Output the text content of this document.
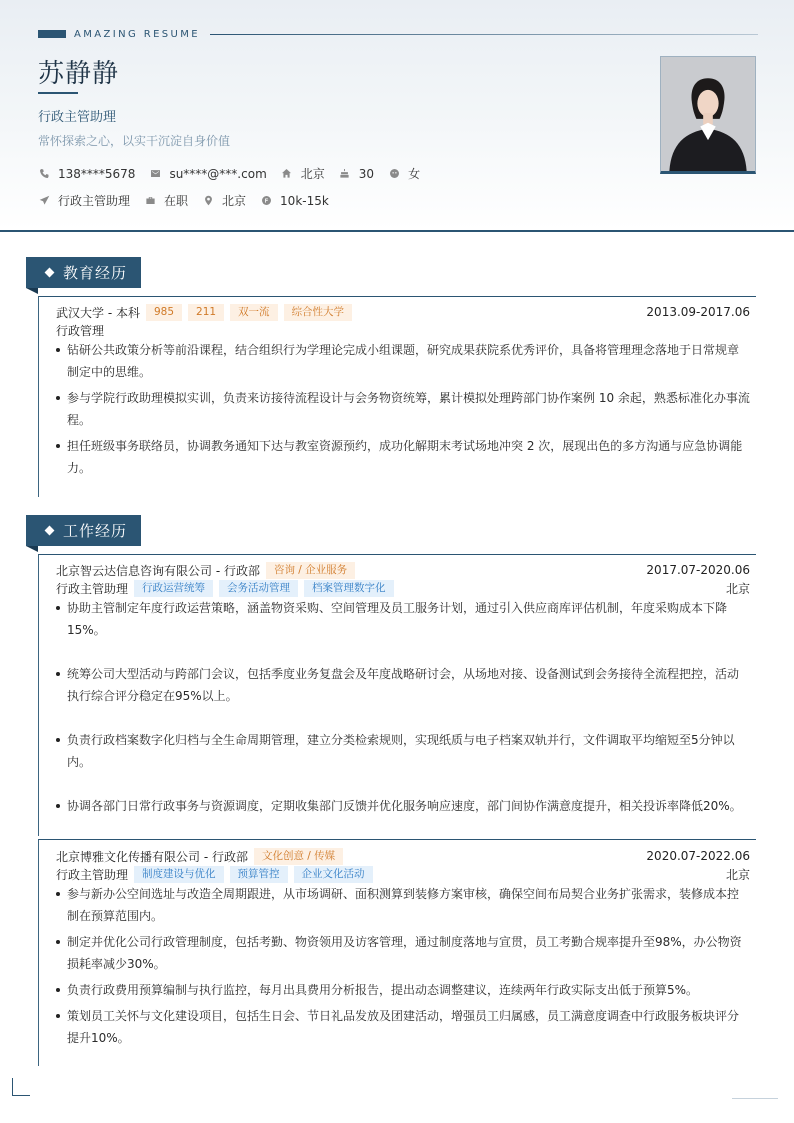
AMAZING RESUME
苏静静
行政主管助理
常怀探索之心，以实干沉淀自身价值
138****5678	su****@***.com	北京	30	女
行政主管助理	在职	北京	10k-15k
教育经历
武汉大学 - 本科	985	211	双一流	综合性大学	2013.09-2017.06
行政管理
钻研公共政策分析等前沿课程，结合组织行为学理论完成小组课题，研究成果获院系优秀评价，具备将管理理念落地于日常规章制定中的思维。
参与学院行政助理模拟实训，负责来访接待流程设计与会务物资统筹，累计模拟处理跨部门协作案例 10 余起，熟悉标准化办事流程。
担任班级事务联络员，协调教务通知下达与教室资源预约，成功化解期末考试场地冲突 2 次，展现出色的多方沟通与应急协调能力。
工作经历
北京智云达信息咨询有限公司 - 行政部	咨询 / 企业服务	2017.07-2020.06
行政主管助理	行政运营统筹	会务活动管理	档案管理数字化	北京
协助主管制定年度行政运营策略，涵盖物资采购、空间管理及员工服务计划，通过引入供应商库评估机制，年度采购成本下降15%。
统筹公司大型活动与跨部门会议，包括季度业务复盘会及年度战略研讨会，从场地对接、设备测试到会务接待全流程把控，活动执行综合评分稳定在95%以上。
负责行政档案数字化归档与全生命周期管理，建立分类检索规则，实现纸质与电子档案双轨并行，文件调取平均缩短至5分钟以内。
协调各部门日常行政事务与资源调度，定期收集部门反馈并优化服务响应速度，部门间协作满意度提升，相关投诉率降低20%。
北京博雅文化传播有限公司 - 行政部	文化创意 / 传媒	2020.07-2022.06
行政主管助理	制度建设与优化	预算管控	企业文化活动	北京
参与新办公空间选址与改造全周期跟进，从市场调研、面积测算到装修方案审核，确保空间布局契合业务扩张需求，装修成本控制在预算范围内。
制定并优化公司行政管理制度，包括考勤、物资领用及访客管理，通过制度落地与宣贯，员工考勤合规率提升至98%，办公物资损耗率减少30%。
负责行政费用预算编制与执行监控，每月出具费用分析报告，提出动态调整建议，连续两年行政实际支出低于预算5%。
策划员工关怀与文化建设项目，包括生日会、节日礼品发放及团建活动，增强员工归属感，员工满意度调查中行政服务板块评分提升10%。
